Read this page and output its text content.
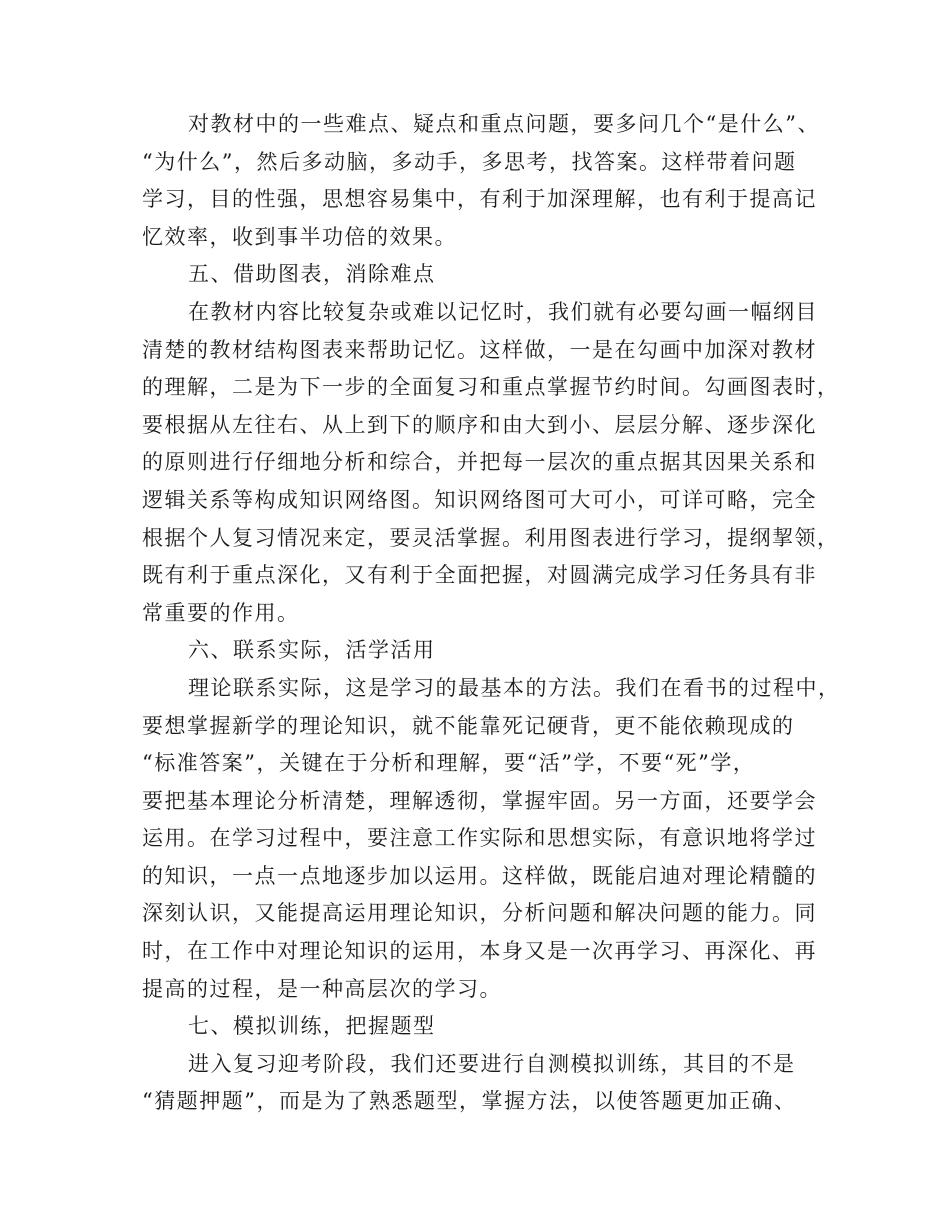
对教材中的一些难点、疑点和重点问题，要多问几个“是什么”、
“为什么”，然后多动脑，多动手，多思考，找答案。这样带着问题
学习，目的性强，思想容易集中，有利于加深理解，也有利于提高记
忆效率，收到事半功倍的效果。
五、借助图表，消除难点
在教材内容比较复杂或难以记忆时，我们就有必要勾画一幅纲目
清楚的教材结构图表来帮助记忆。这样做，一是在勾画中加深对教材
的理解，二是为下一步的全面复习和重点掌握节约时间。勾画图表时，
要根据从左往右、从上到下的顺序和由大到小、层层分解、逐步深化
的原则进行仔细地分析和综合，并把每一层次的重点据其因果关系和
逻辑关系等构成知识网络图。知识网络图可大可小，可详可略，完全
根据个人复习情况来定，要灵活掌握。利用图表进行学习，提纲挈领，
既有利于重点深化，又有利于全面把握，对圆满完成学习任务具有非
常重要的作用。
六、联系实际，活学活用
理论联系实际，这是学习的最基本的方法。我们在看书的过程中，
要想掌握新学的理论知识，就不能靠死记硬背，更不能依赖现成的
“标准答案”，关键在于分析和理解，要“活”学，不要“死”学，
要把基本理论分析清楚，理解透彻，掌握牢固。另一方面，还要学会
运用。在学习过程中，要注意工作实际和思想实际，有意识地将学过
的知识，一点一点地逐步加以运用。这样做，既能启迪对理论精髓的
深刻认识，又能提高运用理论知识，分析问题和解决问题的能力。同
时，在工作中对理论知识的运用，本身又是一次再学习、再深化、再
提高的过程，是一种高层次的学习。
七、模拟训练，把握题型
进入复习迎考阶段，我们还要进行自测模拟训练，其目的不是
“猜题押题”，而是为了熟悉题型，掌握方法，以使答题更加正确、
